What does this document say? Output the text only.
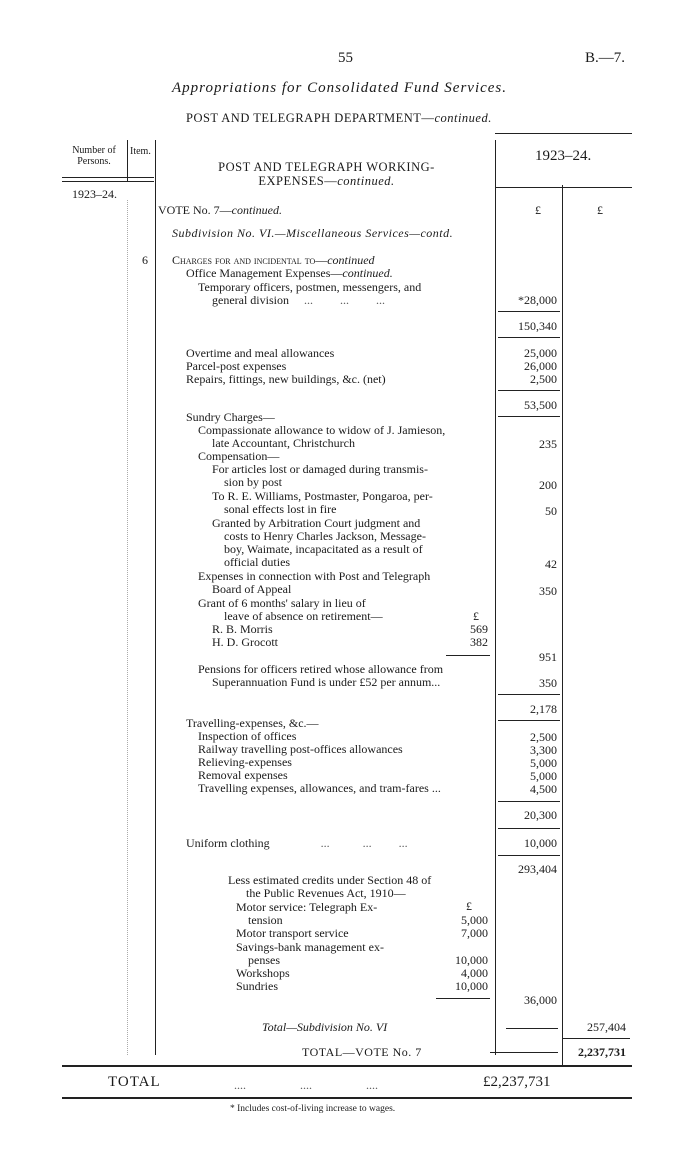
55	B.—7.
Appropriations for Consolidated Fund Services.
POST AND TELEGRAPH DEPARTMENT—continued.
Number of Persons.
Item.
1923–24.
POST AND TELEGRAPH WORKING-
EXPENSES—continued.
1923–24.
£	£
VOTE No. 7—continued.
Subdivision No. VI.—Miscellaneous Services—contd.
6 Charges for and incidental to—continued
Office Management Expenses—continued.
Temporary officers, postmen, messengers, and
general division     ...         ...         ...	*28,000
150,340
Overtime and meal allowances	25,000
Parcel-post expenses	26,000
Repairs, fittings, new buildings, &c. (net)	2,500
53,500
Sundry Charges—
Compassionate allowance to widow of J. Jamieson,
late Accountant, Christchurch	235
Compensation—
For articles lost or damaged during transmis-
sion by post	200
To R. E. Williams, Postmaster, Pongaroa, per-
sonal effects lost in fire	50
Granted by Arbitration Court judgment and
costs to Henry Charles Jackson, Message-
boy, Waimate, incapacitated as a result of
official duties	42
Expenses in connection with Post and Telegraph
Board of Appeal	350
Grant of 6 months' salary in lieu of
leave of absence on retirement—	£
R. B. Morris	569
H. D. Grocott	382
951
Pensions for officers retired whose allowance from
Superannuation Fund is under £52 per annum...	350
2,178
Travelling-expenses, &c.—
Inspection of offices	2,500
Railway travelling post-offices allowances	3,300
Relieving-expenses	5,000
Removal expenses	5,000
Travelling expenses, allowances, and tram-fares ...	4,500
20,300
Uniform clothing                 ...           ...         ...	10,000
293,404
Less estimated credits under Section 48 of
the Public Revenues Act, 1910—
£
Motor service: Telegraph Ex-
tension	5,000
Motor transport service	7,000
Savings-bank management ex-
penses	10,000
Workshops	4,000
Sundries	10,000
36,000
Total—Subdivision No. VI	257,404
TOTAL—VOTE No. 7	2,237,731
TOTAL	....                  ....                  ....	£2,237,731
* Includes cost-of-living increase to wages.
